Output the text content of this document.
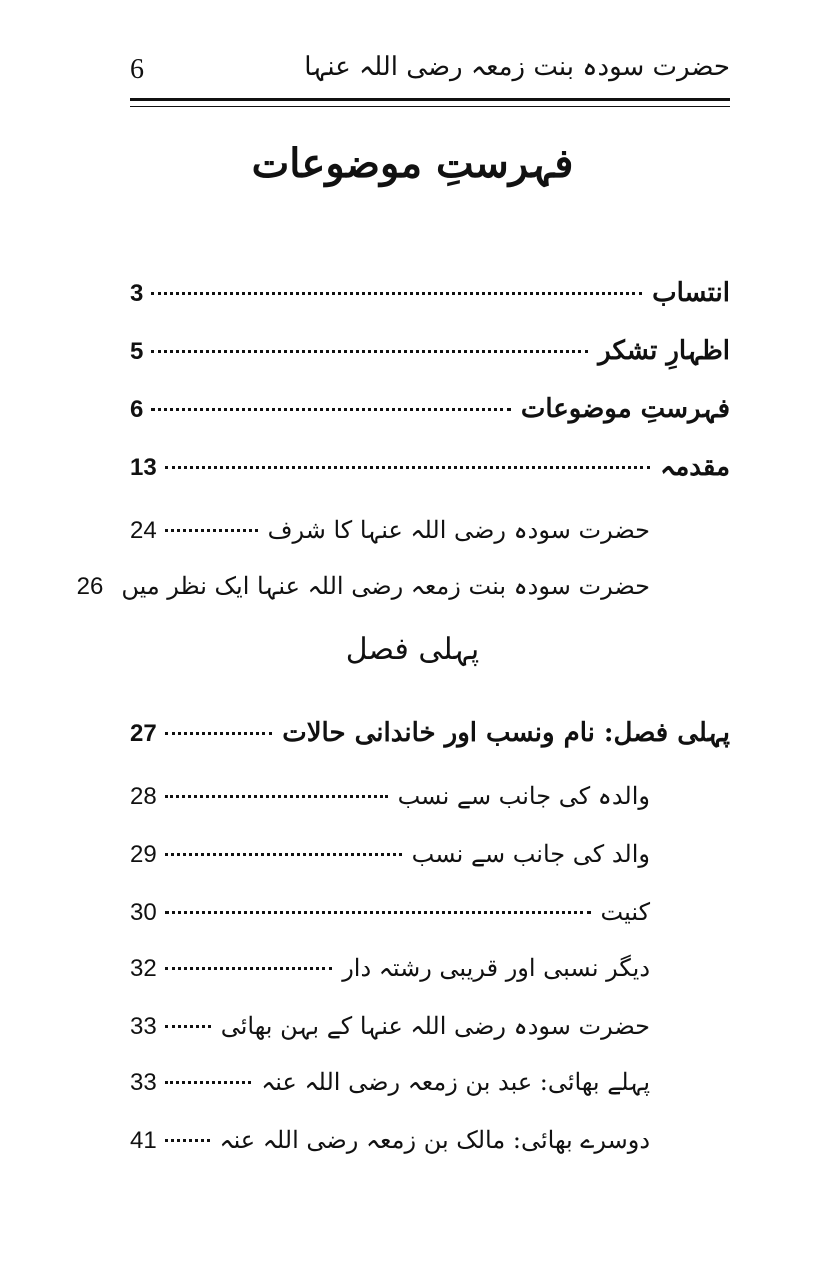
6	حضرت سودہ بنت زمعہ رضی اللہ عنہا
فہرستِ موضوعات
انتساب
3
اظہارِ تشکر
5
فہرستِ موضوعات
6
مقدمہ
13
حضرت سودہ رضی اللہ عنہا کا شرف
24
حضرت سودہ بنت زمعہ رضی اللہ عنہا ایک نظر میں
26
پہلی فصل
پہلی فصل: نام ونسب اور خاندانی حالات
27
والدہ کی جانب سے نسب
28
والد کی جانب سے نسب
29
کنیت
30
دیگر نسبی اور قریبی رشتہ دار
32
حضرت سودہ رضی اللہ عنہا کے بہن بھائی
33
پہلے بھائی: عبد بن زمعہ رضی اللہ عنہ
33
دوسرے بھائی: مالک بن زمعہ رضی اللہ عنہ
41
